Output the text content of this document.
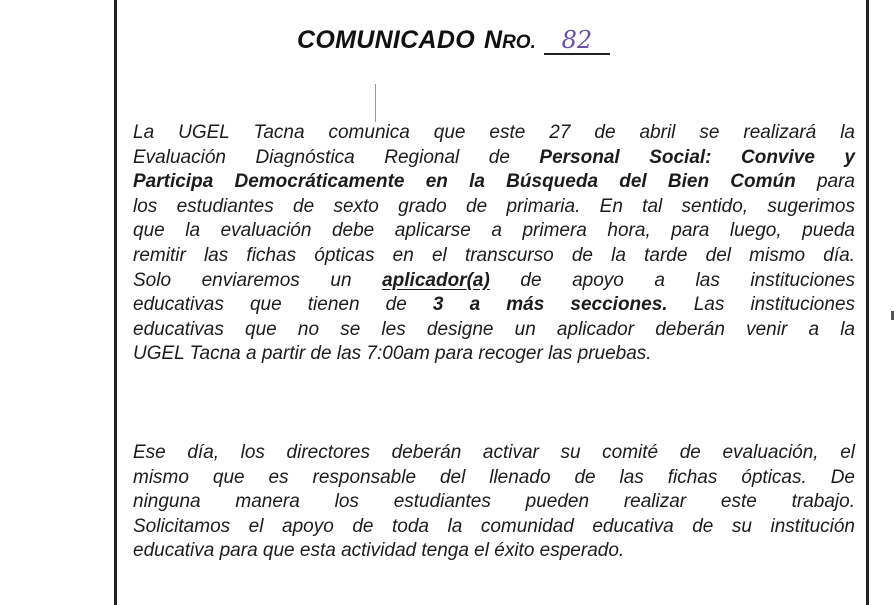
COMUNICADO NRO.	82
La UGEL Tacna comunica que este 27 de abril se realizará la
Evaluación Diagnóstica Regional de Personal Social: Convive y
Participa Democráticamente en la Búsqueda del Bien Común para
los estudiantes de sexto grado de primaria. En tal sentido, sugerimos
que la evaluación debe aplicarse a primera hora, para luego, pueda
remitir las fichas ópticas en el transcurso de la tarde del mismo día.
Solo enviaremos un aplicador(a) de apoyo a las instituciones
educativas que tienen de 3 a más secciones. Las instituciones
educativas que no se les designe un aplicador deberán venir a la
UGEL Tacna a partir de las 7:00am para recoger las pruebas.
Ese día, los directores deberán activar su comité de evaluación, el
mismo que es responsable del llenado de las fichas ópticas. De
ninguna manera los estudiantes pueden realizar este trabajo.
Solicitamos el apoyo de toda la comunidad educativa de su institución
educativa para que esta actividad tenga el éxito esperado.
